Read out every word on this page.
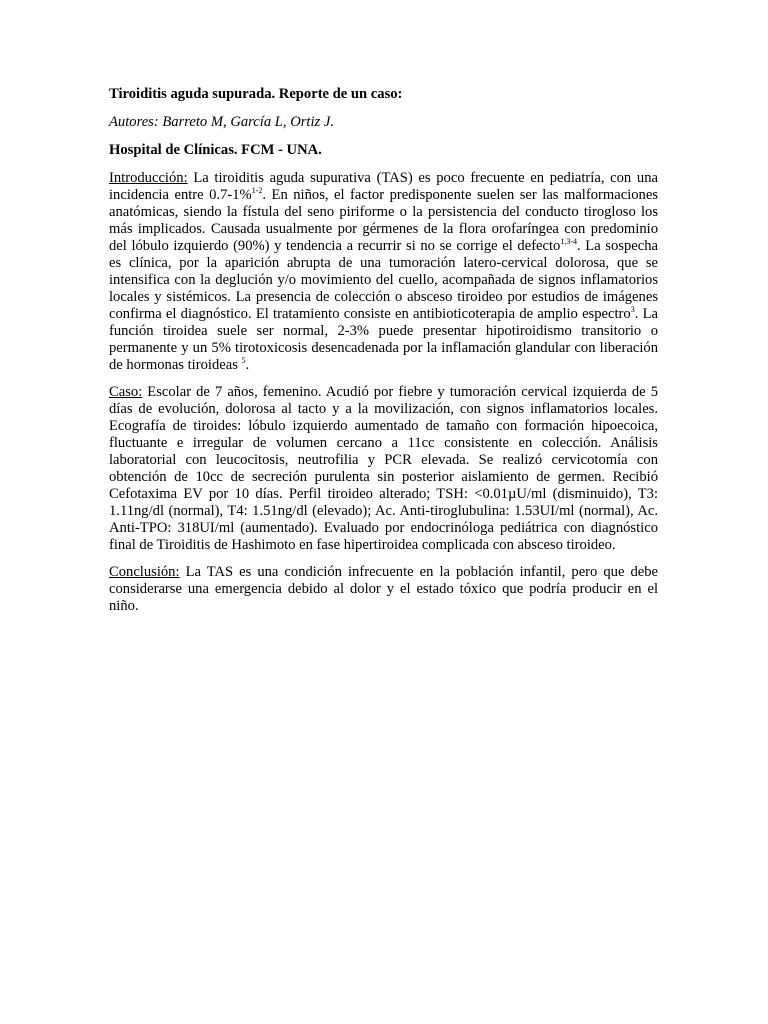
Tiroiditis aguda supurada. Reporte de un caso:
Autores: Barreto M, García L, Ortiz J.
Hospital de Clínicas. FCM - UNA.

Introducción: La tiroiditis aguda supurativa (TAS) es poco frecuente en pediatría, con una incidencia entre 0.7-1%$^{1-2}$. En niños, el factor predisponente suelen ser las malformaciones anatómicas, siendo la fístula del seno piriforme o la persistencia del conducto tirogloso los más implicados. Causada usualmente por gérmenes de la flora orofaríngea con predominio del lóbulo izquierdo (90%) y tendencia a recurrir si no se corrige el defecto$^{1,3-4}$. La sospecha es clínica, por la aparición abrupta de una tumoración latero-cervical dolorosa, que se intensifica con la deglución y/o movimiento del cuello, acompañada de signos inflamatorios locales y sistémicos. La presencia de colección o absceso tiroideo por estudios de imágenes confirma el diagnóstico. El tratamiento consiste en antibioticoterapia de amplio espectro$^3$. La función tiroidea suele ser normal, 2-3% puede presentar hipotiroidismo transitorio o permanente y un 5% tirotoxicosis desencadenada por la inflamación glandular con liberación de hormonas tiroideas $^5$.

Caso: Escolar de 7 años, femenino. Acudió por fiebre y tumoración cervical izquierda de 5 días de evolución, dolorosa al tacto y a la movilización, con signos inflamatorios locales. Ecografía de tiroides: lóbulo izquierdo aumentado de tamaño con formación hipoecoica, fluctuante e irregular de volumen cercano a 11cc consistente en colección. Análisis laboratorial con leucocitosis, neutrofilia y PCR elevada. Se realizó cervicotomía con obtención de 10cc de secreción purulenta sin posterior aislamiento de germen. Recibió Cefotaxima EV por 10 días. Perfil tiroideo alterado; TSH: <0.01µU/ml (disminuido), T3: 1.11ng/dl (normal), T4: 1.51ng/dl (elevado); Ac. Anti-tiroglubulina: 1.53UI/ml (normal), Ac. Anti-TPO: 318UI/ml (aumentado). Evaluado por endocrinóloga pediátrica con diagnóstico final de Tiroiditis de Hashimoto en fase hipertiroidea complicada con absceso tiroideo.

Conclusión: La TAS es una condición infrecuente en la población infantil, pero que debe considerarse una emergencia debido al dolor y el estado tóxico que podría producir en el niño.
